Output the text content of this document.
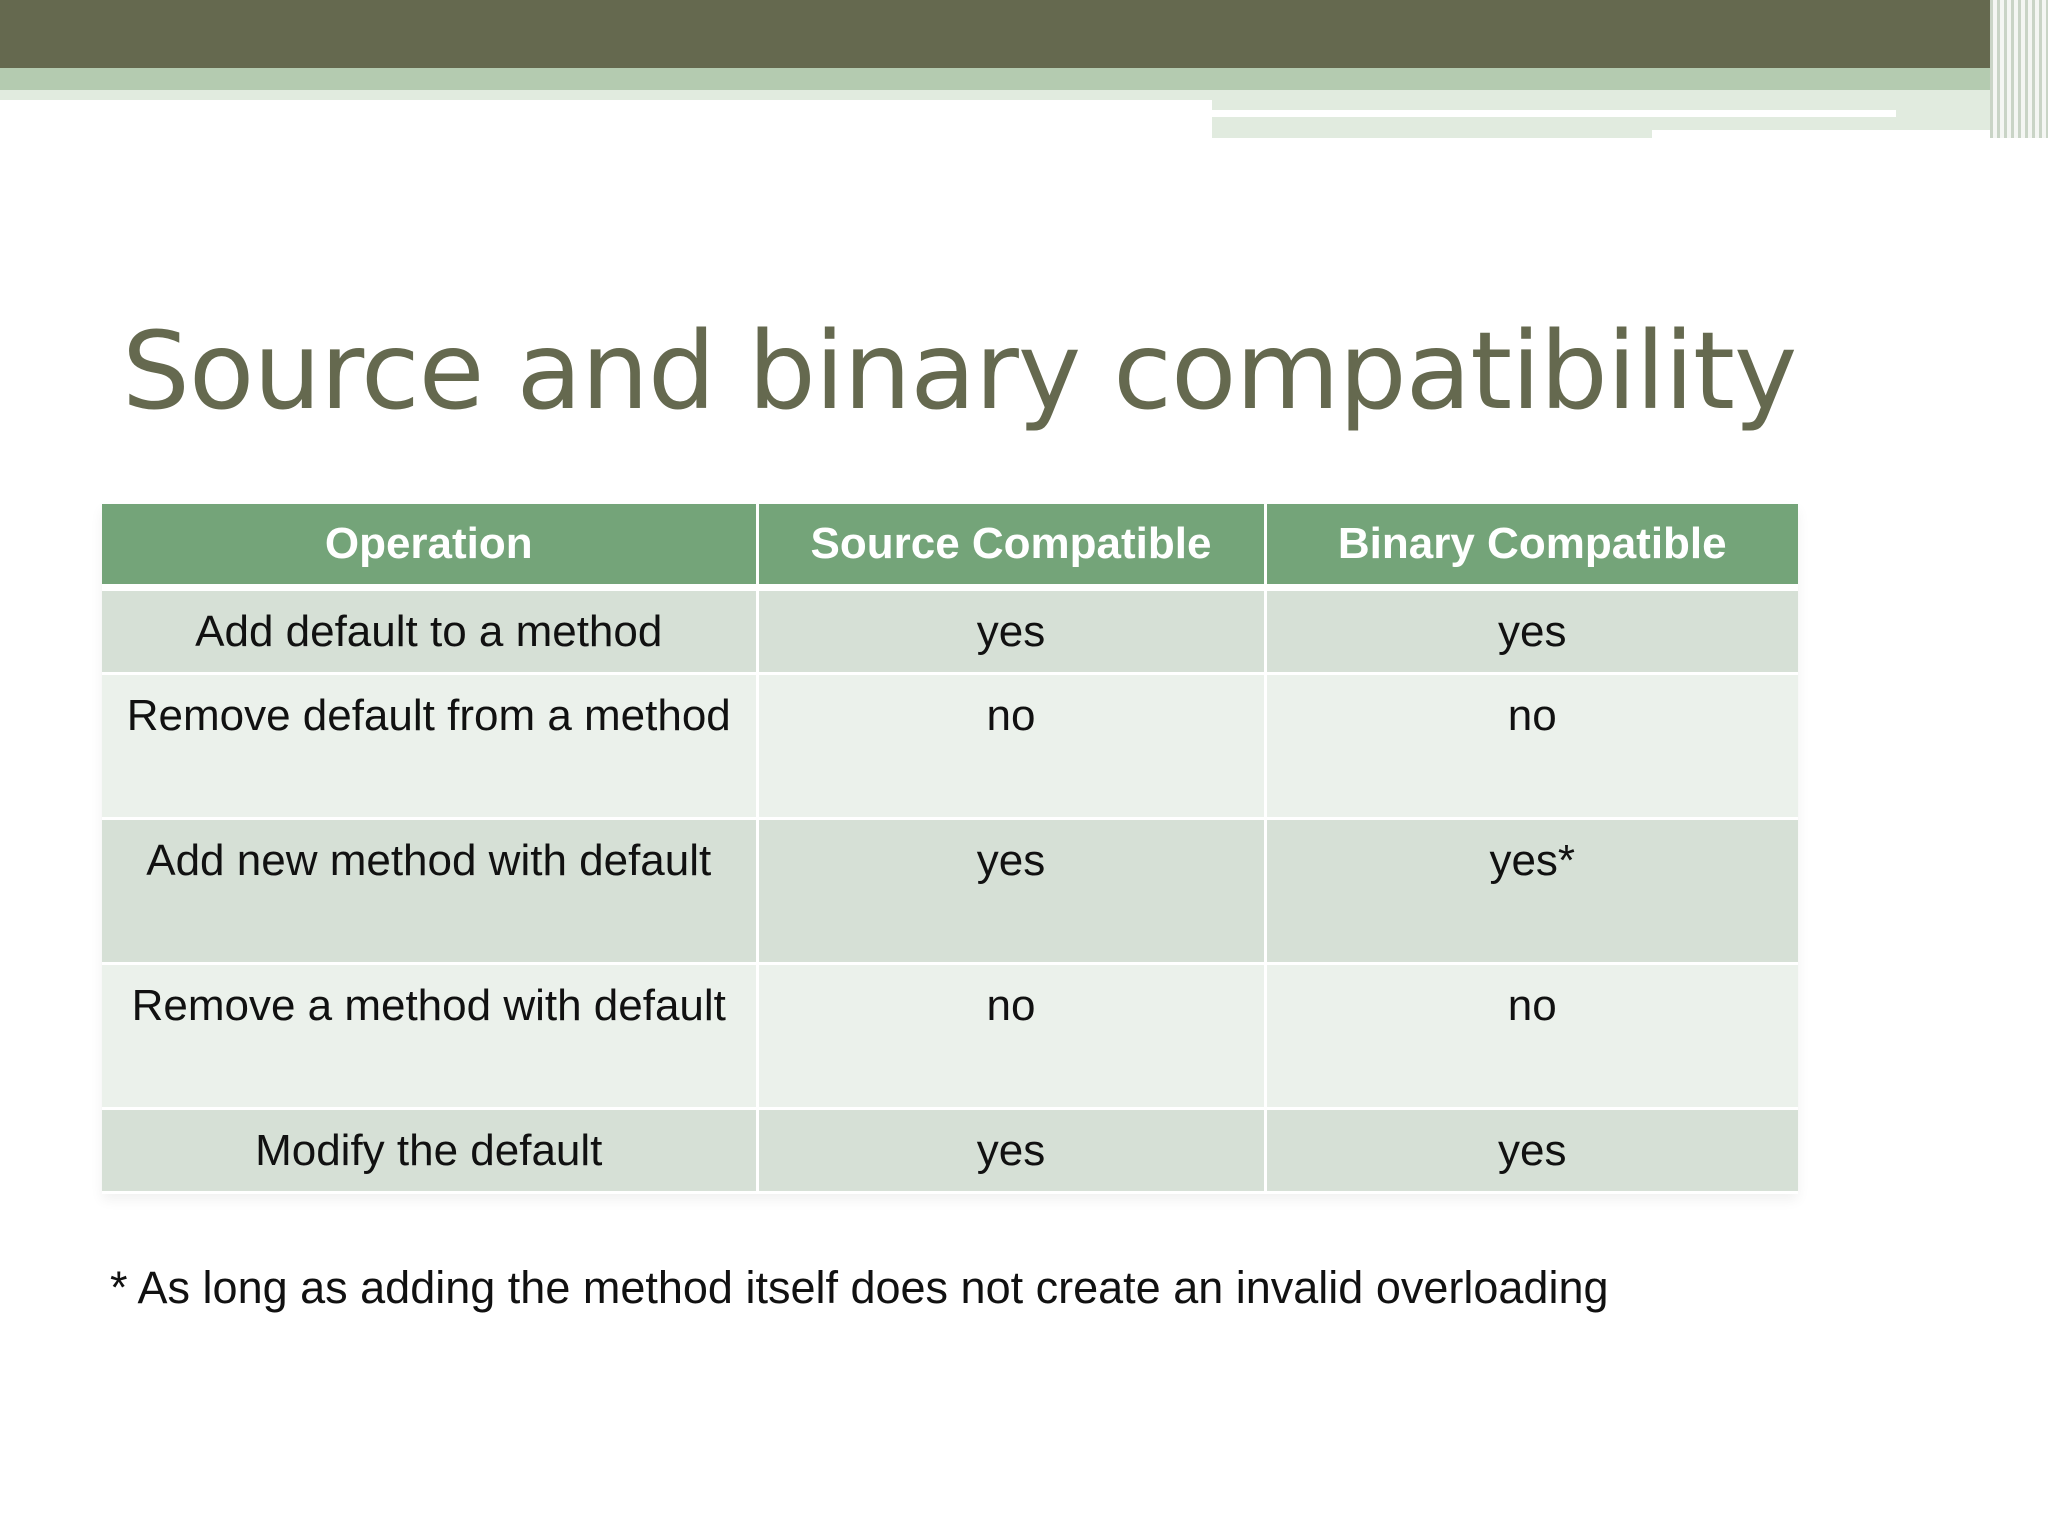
Source and binary compatibility
Operation	Source Compatible	Binary Compatible
Add default to a method	yes	yes
Remove default from a method	no	no
Add new method with default	yes	yes*
Remove a method with default	no	no
Modify the default	yes	yes
* As long as adding the method itself does not create an invalid overloading
